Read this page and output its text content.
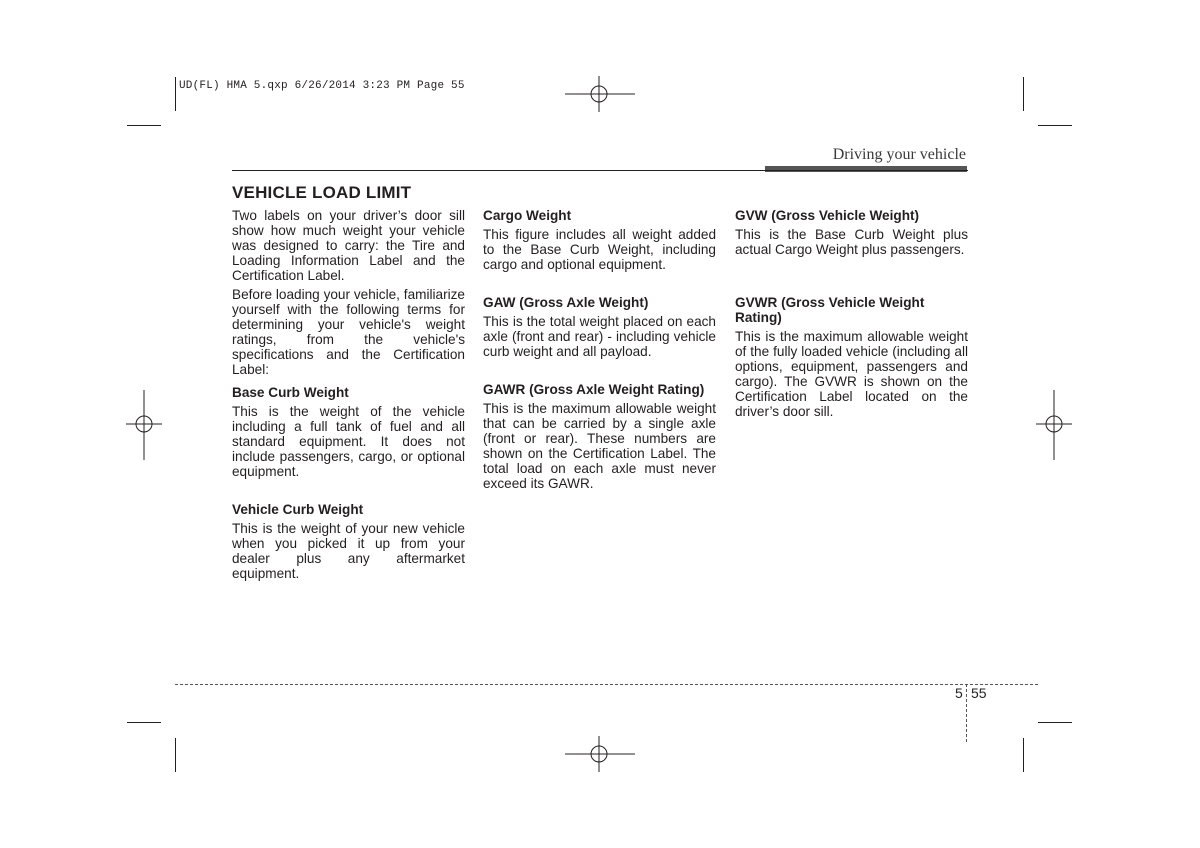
UD(FL) HMA 5.qxp 6/26/2014 3:23 PM Page 55
Driving your vehicle
VEHICLE LOAD LIMIT

Two labels on your driver’s door sill show how much weight your vehicle was designed to carry: the Tire and Loading Information Label and the Certification Label.

Before loading your vehicle, familiarize yourself with the following terms for determining your vehicle's weight ratings, from the vehicle's specifications and the Certification Label:

Base Curb Weight

This is the weight of the vehicle including a full tank of fuel and all standard equipment. It does not include passengers, cargo, or optional equipment.

Vehicle Curb Weight

This is the weight of your new vehicle when you picked it up from your dealer plus any aftermarket equipment.

Cargo Weight

This figure includes all weight added to the Base Curb Weight, including cargo and optional equipment.

GAW (Gross Axle Weight)

This is the total weight placed on each axle (front and rear) - including vehicle curb weight and all payload.

GAWR (Gross Axle Weight Rating)

This is the maximum allowable weight that can be carried by a single axle (front or rear). These numbers are shown on the Certification Label. The total load on each axle must never exceed its GAWR.

GVW (Gross Vehicle Weight)

This is the Base Curb Weight plus actual Cargo Weight plus passengers.

GVWR (Gross Vehicle Weight Rating)

This is the maximum allowable weight of the fully loaded vehicle (including all options, equipment, passengers and cargo). The GVWR is shown on the Certification Label located on the driver’s door sill.

5 55
